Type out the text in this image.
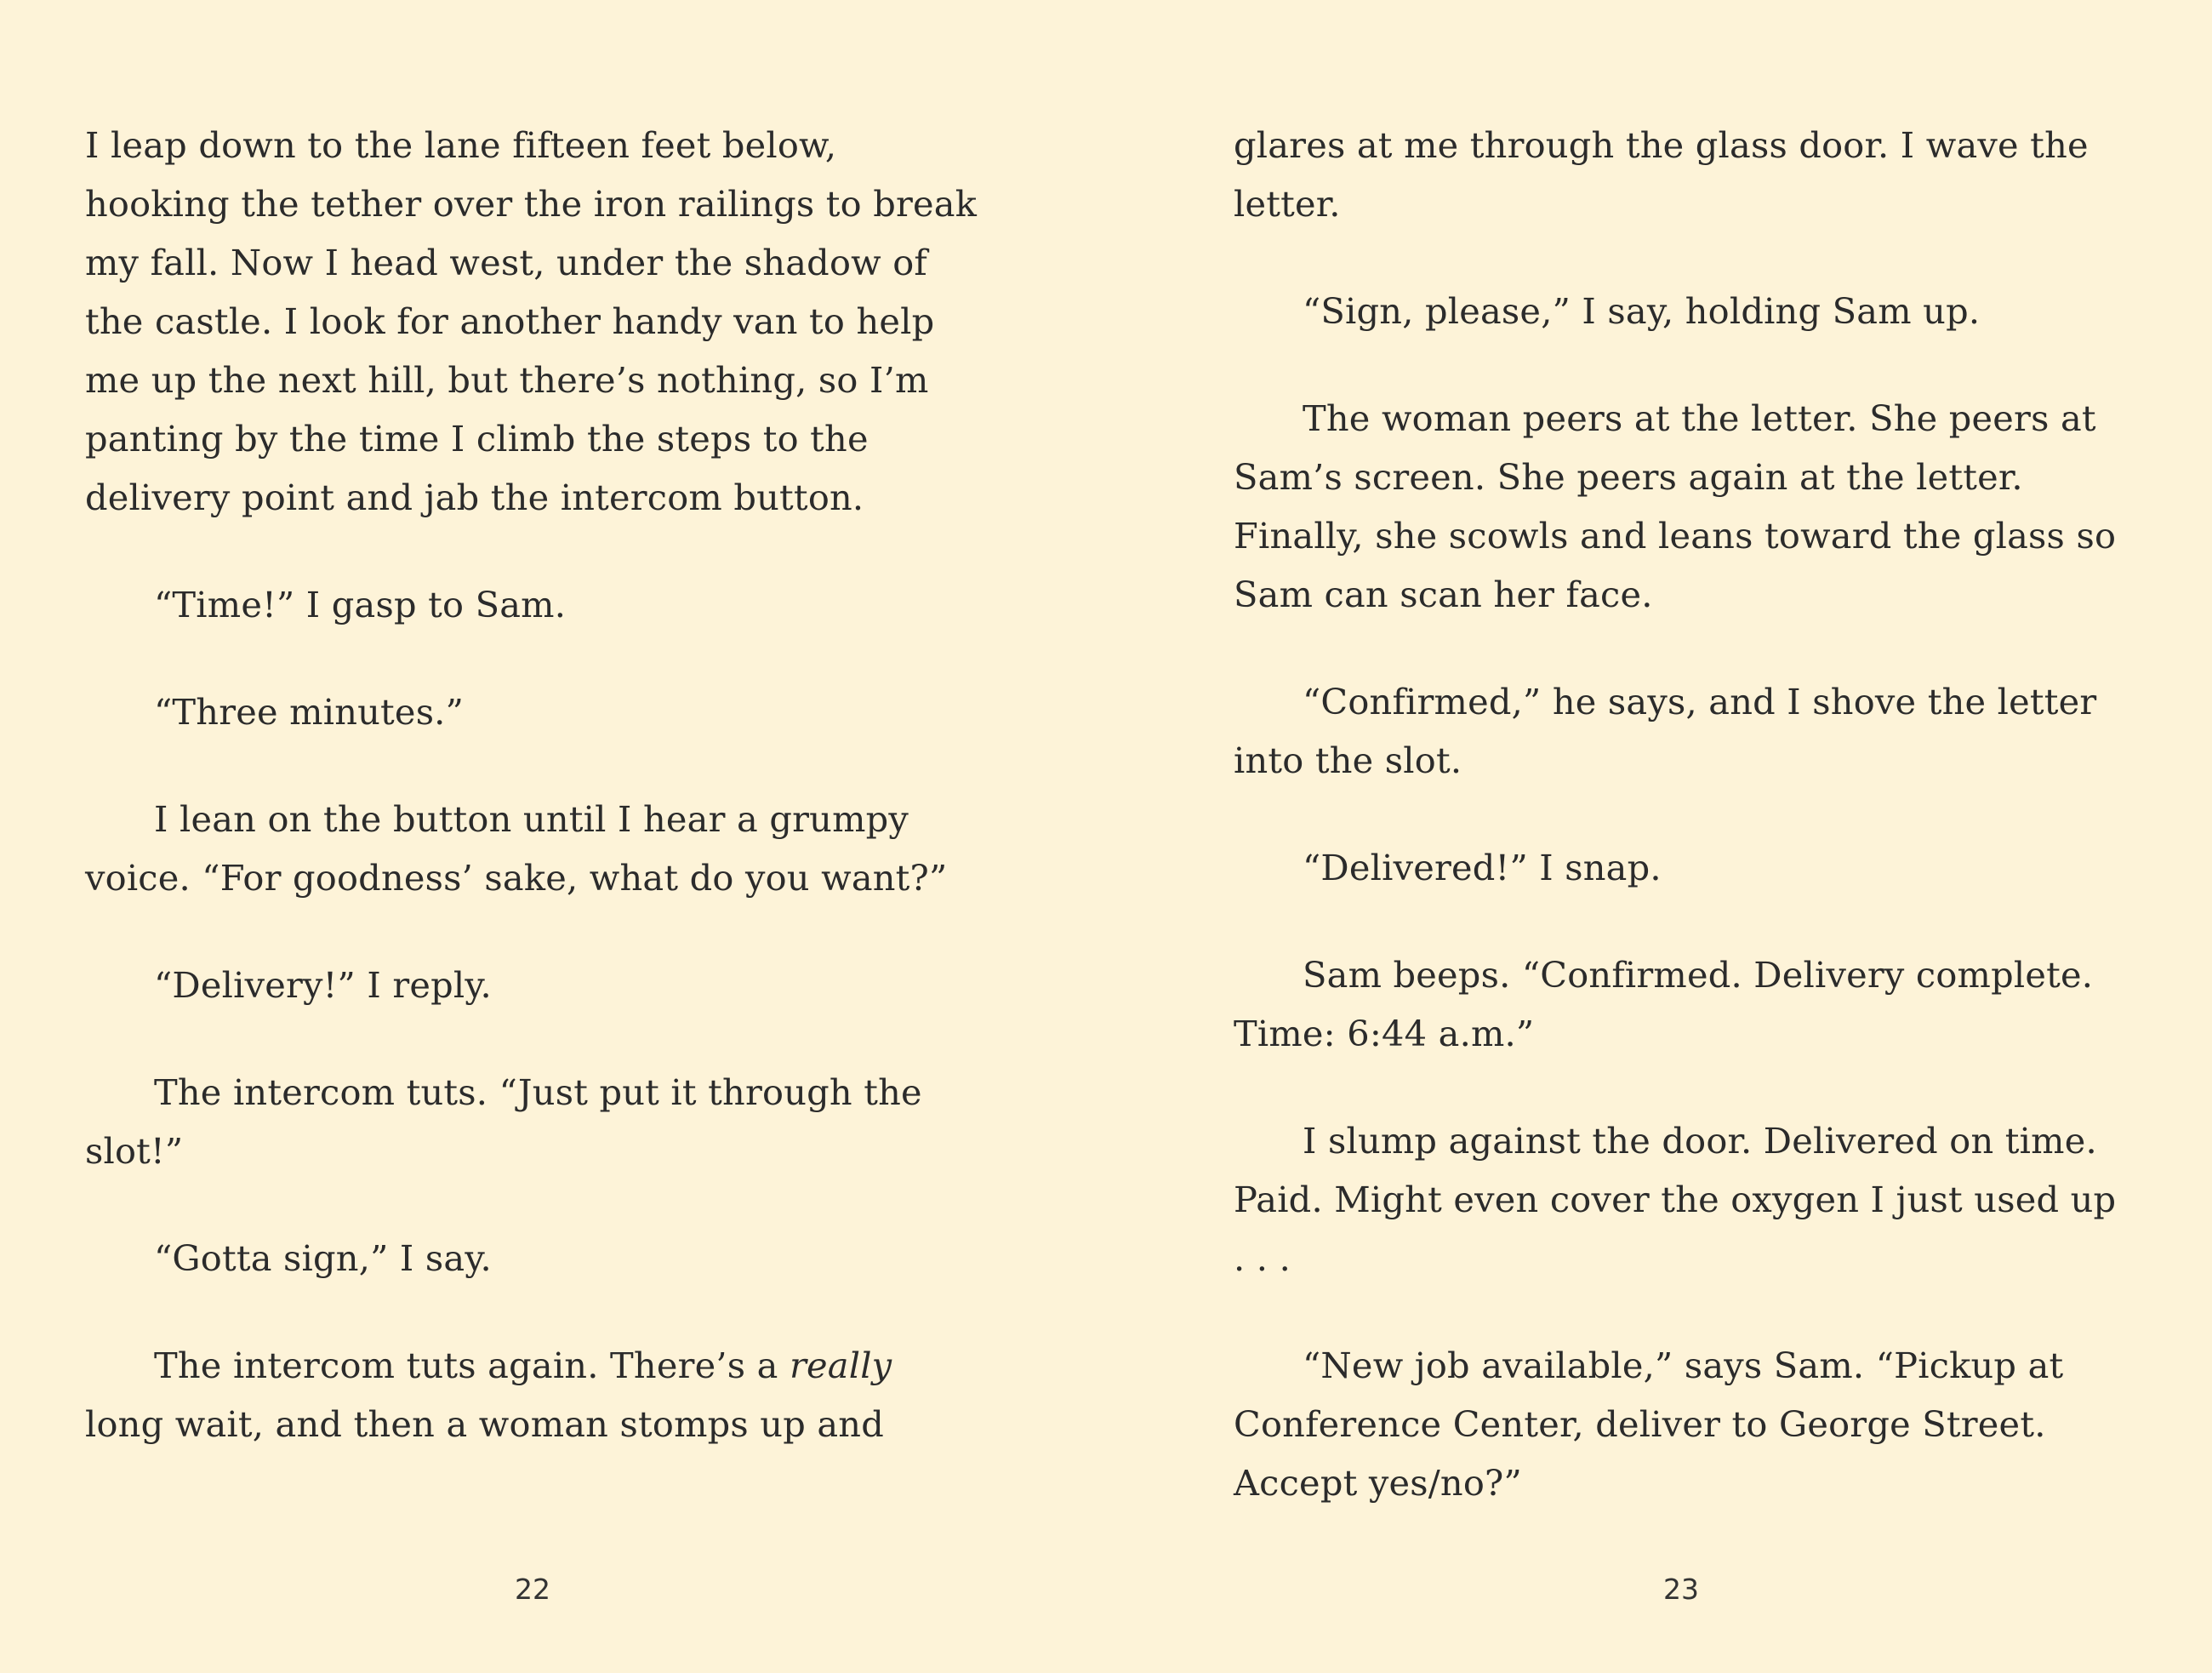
I leap down to the lane fifteen feet below, hooking the tether over the iron railings to break my fall. Now I head west, under the shadow of the castle. I look for another handy van to help me up the next hill, but there’s nothing, so I’m panting by the time I climb the steps to the delivery point and jab the intercom button.

“Time!” I gasp to Sam.

“Three minutes.”

I lean on the button until I hear a grumpy voice. “For goodness’ sake, what do you want?”

“Delivery!” I reply.

The intercom tuts. “Just put it through the slot!”

“Gotta sign,” I say.

The intercom tuts again. There’s a really long wait, and then a woman stomps up and

22

glares at me through the glass door. I wave the letter.

“Sign, please,” I say, holding Sam up.

The woman peers at the letter. She peers at Sam’s screen. She peers again at the letter. Finally, she scowls and leans toward the glass so Sam can scan her face.

“Confirmed,” he says, and I shove the letter into the slot.

“Delivered!” I snap.

Sam beeps. “Confirmed. Delivery complete. Time: 6:44 a.m.”

I slump against the door. Delivered on time. Paid. Might even cover the oxygen I just used up . . .

“New job available,” says Sam. “Pickup at Conference Center, deliver to George Street. Accept yes/no?”

23
